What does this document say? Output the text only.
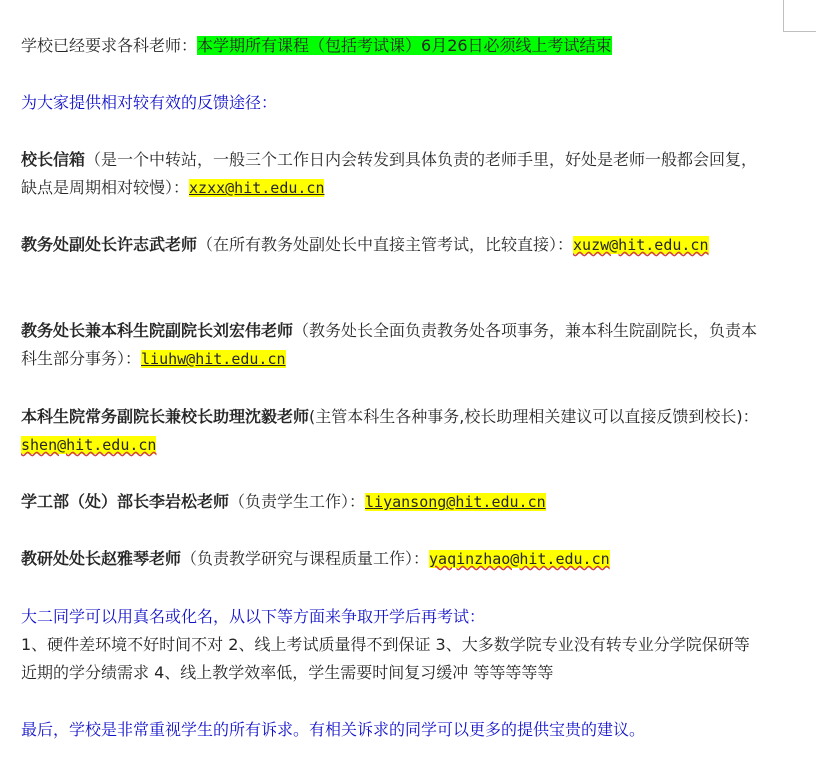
学校已经要求各科老师：本学期所有课程（包括考试课）6月26日必须线上考试结束
为大家提供相对较有效的反馈途径：
校长信箱（是一个中转站，一般三个工作日内会转发到具体负责的老师手里，好处是老师一般都会回复，
缺点是周期相对较慢）：xzxx@hit.edu.cn
教务处副处长许志武老师（在所有教务处副处长中直接主管考试，比较直接）：xuzw@hit.edu.cn
教务处长兼本科生院副院长刘宏伟老师（教务处长全面负责教务处各项事务，兼本科生院副院长，负责本
科生部分事务）：liuhw@hit.edu.cn
本科生院常务副院长兼校长助理沈毅老师(主管本科生各种事务,校长助理相关建议可以直接反馈到校长)：
shen@hit.edu.cn
学工部（处）部长李岩松老师（负责学生工作）：liyansong@hit.edu.cn
教研处处长赵雅琴老师（负责教学研究与课程质量工作）：yaqinzhao@hit.edu.cn
大二同学可以用真名或化名，从以下等方面来争取开学后再考试：
1、硬件差环境不好时间不对 2、线上考试质量得不到保证 3、大多数学院专业没有转专业分学院保研等
近期的学分绩需求 4、线上教学效率低，学生需要时间复习缓冲 等等等等等
最后，学校是非常重视学生的所有诉求。有相关诉求的同学可以更多的提供宝贵的建议。
